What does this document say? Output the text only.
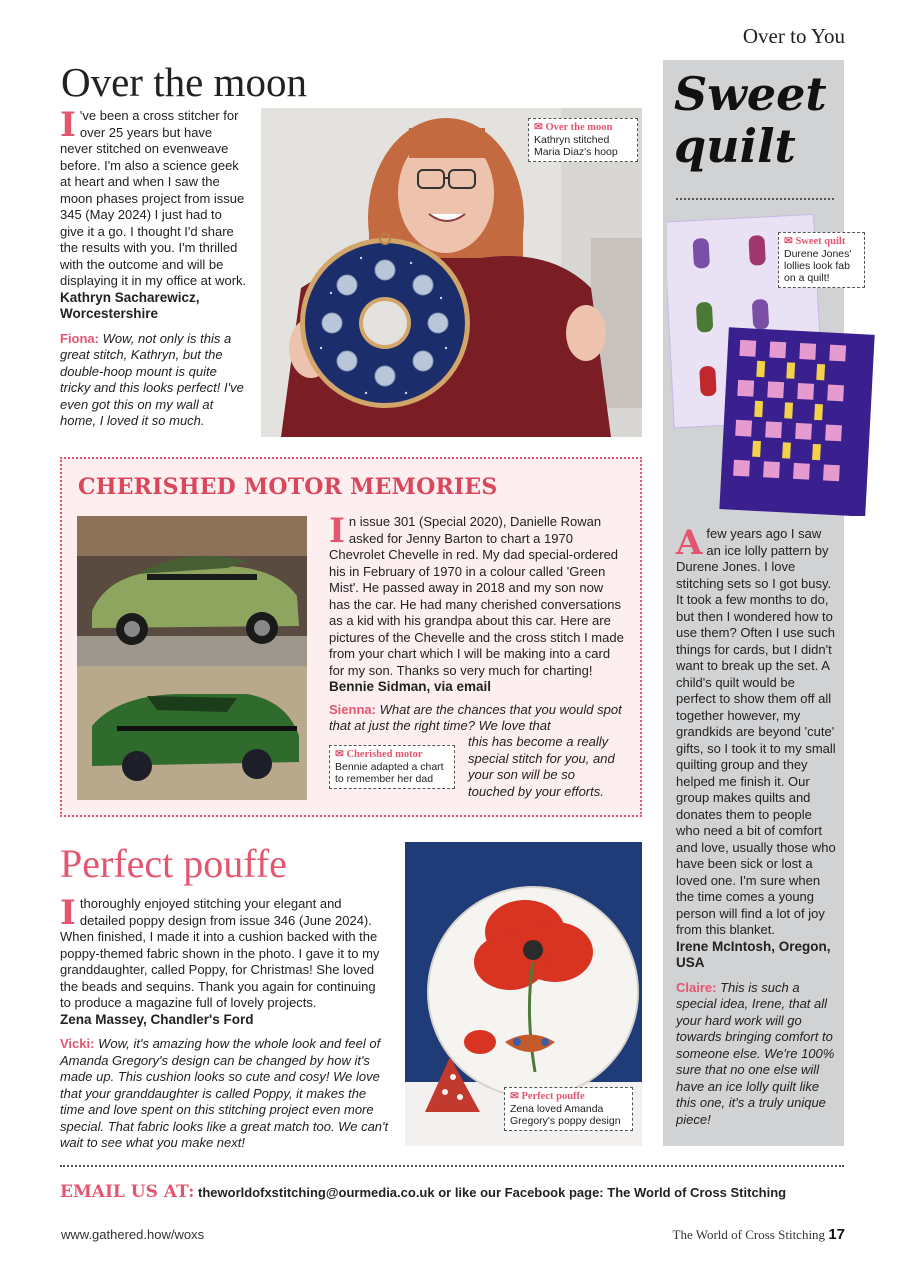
Over to You
Over the moon
I 've been a cross stitcher for over 25 years but have never stitched on evenweave before. I'm also a science geek at heart and when I saw the moon phases project from issue 345 (May 2024) I just had to give it a go. I thought I'd share the results with you. I'm thrilled with the outcome and will be displaying it in my office at work.
Kathryn Sacharewicz, Worcestershire
Fiona: Wow, not only is this a great stitch, Kathryn, but the double-hoop mount is quite tricky and this looks perfect! I've even got this on my wall at home, I loved it so much.
✉ Over the moon
Kathryn stitched Maria Diaz's hoop
CHERISHED MOTOR MEMORIES
I n issue 301 (Special 2020), Danielle Rowan asked for Jenny Barton to chart a 1970 Chevrolet Chevelle in red. My dad special-ordered his in February of 1970 in a colour called 'Green Mist'. He passed away in 2018 and my son now has the car. He had many cherished conversations as a kid with his grandpa about this car. Here are pictures of the Chevelle and the cross stitch I made from your chart which I will be making into a card for my son. Thanks so very much for charting!
Bennie Sidman, via email
Sienna: What are the chances that you would spot that at just the right time? We love that
✉ Cherished motor
Bennie adapted a chart to remember her dad
this has become a really special stitch for you, and your son will be so touched by your efforts.
Sweet quilt
✉ Sweet quilt
Durene Jones' lollies look fab on a quilt!
A few years ago I saw an ice lolly pattern by Durene Jones. I love stitching sets so I got busy. It took a few months to do, but then I wondered how to use them? Often I use such things for cards, but I didn't want to break up the set. A child's quilt would be perfect to show them off all together however, my grandkids are beyond 'cute' gifts, so I took it to my small quilting group and they helped me finish it. Our group makes quilts and donates them to people who need a bit of comfort and love, usually those who have been sick or lost a loved one. I'm sure when the time comes a young person will find a lot of joy from this blanket.
Irene McIntosh, Oregon, USA
Claire: This is such a special idea, Irene, that all your hard work will go towards bringing comfort to someone else. We're 100% sure that no one else will have an ice lolly quilt like this one, it's a truly unique piece!
Perfect pouffe
I thoroughly enjoyed stitching your elegant and detailed poppy design from issue 346 (June 2024). When finished, I made it into a cushion backed with the poppy-themed fabric shown in the photo. I gave it to my granddaughter, called Poppy, for Christmas! She loved the beads and sequins. Thank you again for continuing to produce a magazine full of lovely projects.
Zena Massey, Chandler's Ford
Vicki: Wow, it's amazing how the whole look and feel of Amanda Gregory's design can be changed by how it's made up. This cushion looks so cute and cosy! We love that your granddaughter is called Poppy, it makes the time and love spent on this stitching project even more special. That fabric looks like a great match too. We can't wait to see what you make next!
✉ Perfect pouffe
Zena loved Amanda Gregory's poppy design
EMAIL US AT: theworldofxstitching@ourmedia.co.uk or like our Facebook page: The World of Cross Stitching
www.gathered.how/woxs	The World of Cross Stitching 17
